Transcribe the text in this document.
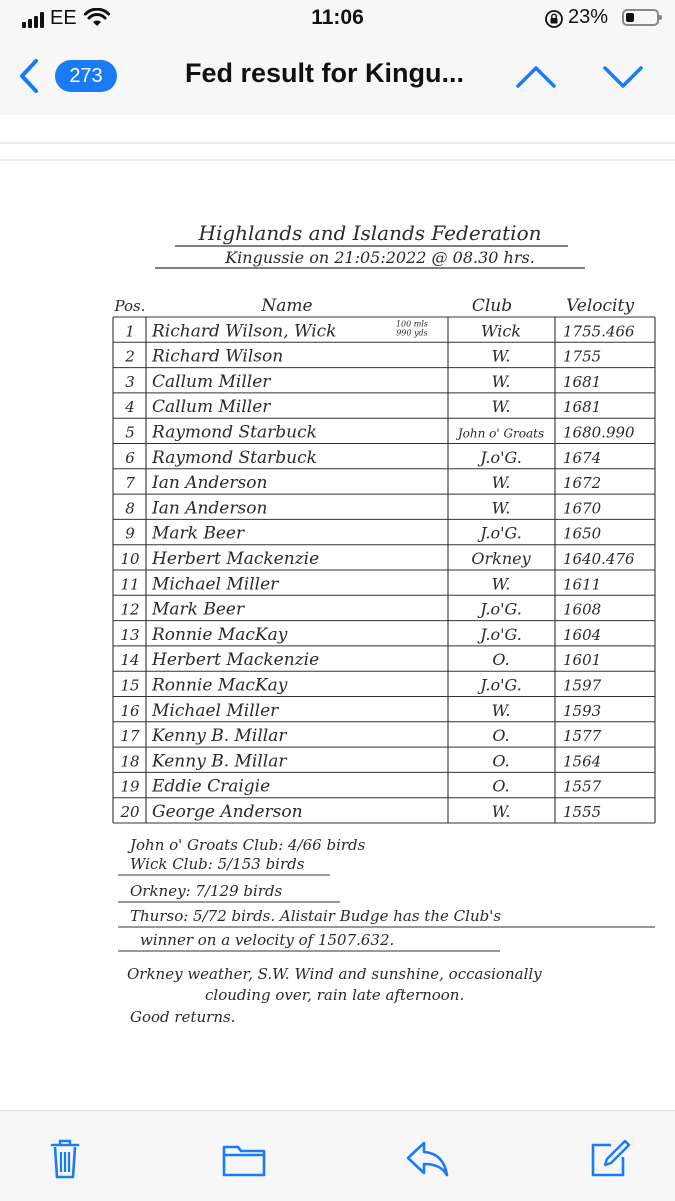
EE	11:06	23%
273	Fed result for Kingu...
Highlands and Islands Federation
Kingussie on 21:05:2022 @ 08.30 hrs.
Pos.	Name	Club	Velocity
1 Richard Wilson, Wick	Wick	1755.466
100 mls
990 yds
2 Richard Wilson	W.	1755
3 Callum Miller	W.	1681
4 Callum Miller	W.	1681
5 Raymond Starbuck	John o' Groats 1680.990
6 Raymond Starbuck	J.o'G.	1674
7 Ian Anderson	W.	1672
8 Ian Anderson	W.	1670
9 Mark Beer	J.o'G.	1650
10 Herbert Mackenzie	Orkney 1640.476
11 Michael Miller	W.	1611
12 Mark Beer	J.o'G.	1608
13 Ronnie MacKay	J.o'G.	1604
14 Herbert Mackenzie	O.	1601
15 Ronnie MacKay	J.o'G.	1597
16 Michael Miller	W.	1593
17 Kenny B. Millar	O.	1577
18 Kenny B. Millar	O.	1564
19 Eddie Craigie	O.	1557
20 George Anderson	W.	1555
John o' Groats Club: 4/66 birds
Wick Club: 5/153 birds
Orkney: 7/129 birds
Thurso: 5/72 birds. Alistair Budge has the Club's
winner on a velocity of 1507.632.
Orkney weather, S.W. Wind and sunshine, occasionally
clouding over, rain late afternoon.
Good returns.
